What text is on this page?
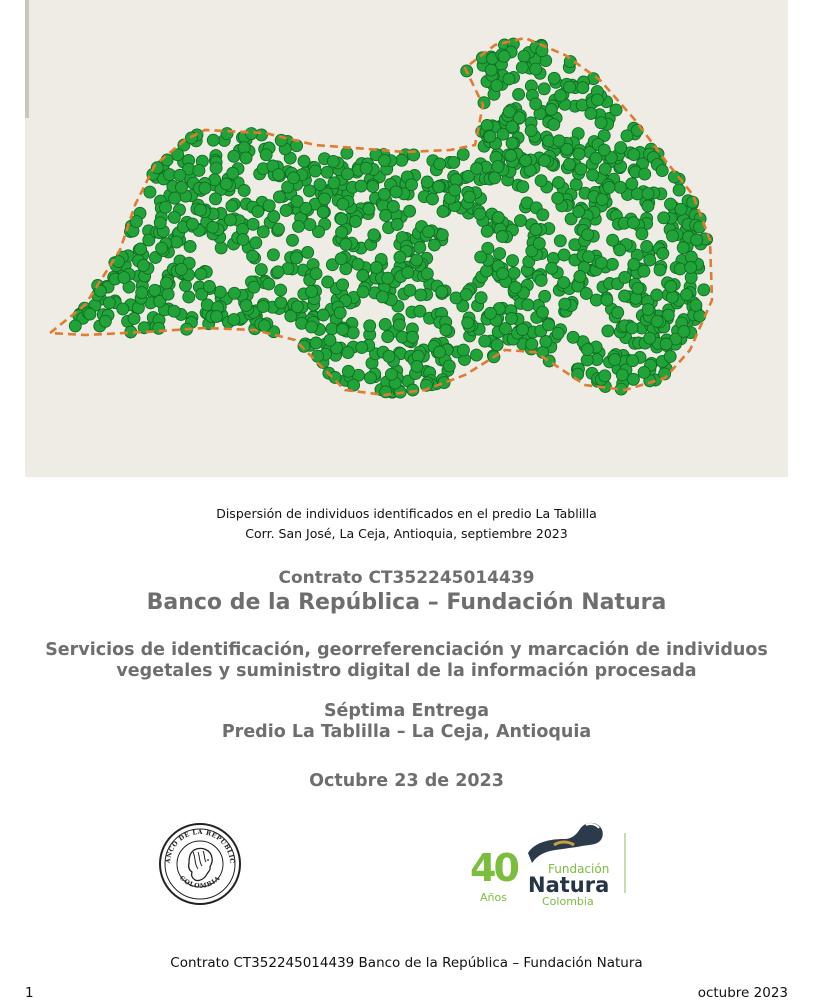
Dispersión de individuos identificados en el predio La Tablilla
Corr. San José, La Ceja, Antioquia, septiembre 2023
Contrato CT352245014439
Banco de la República – Fundación Natura
Servicios de identificación, georreferenciación y marcación de individuos
vegetales y suministro digital de la información procesada
Séptima Entrega
Predio La Tablilla – La Ceja, Antioquia
Octubre 23 de 2023
ANCO DE LA REPÚBLIC
COLOMBIA	40
Años
Fundación
Natura
Colombia
Contrato CT352245014439 Banco de la República – Fundación Natura
1	octubre 2023
